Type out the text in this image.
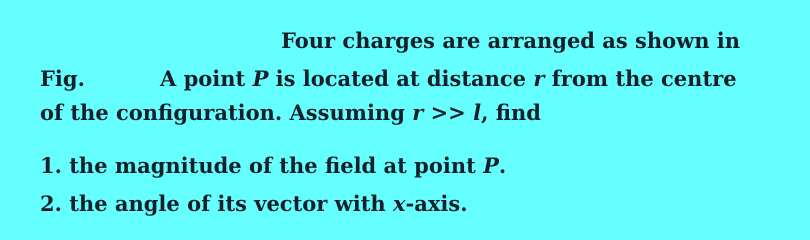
Four charges are arranged as shown in
Fig.	A point P is located at distance r from the centre
of the configuration. Assuming r >> l, find
1. the magnitude of the field at point P.
2. the angle of its vector with x-axis.
